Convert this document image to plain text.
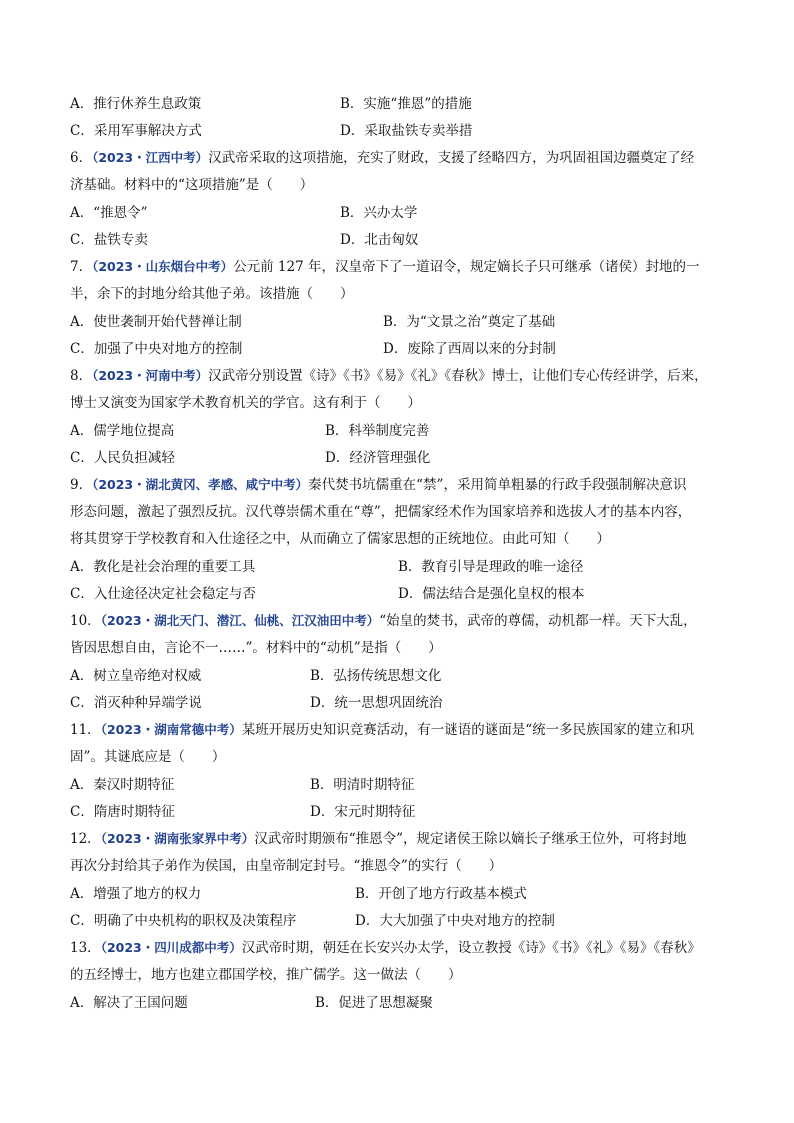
A．推行休养生息政策	B．实施“推恩”的措施
C．采用军事解决方式	D．采取盐铁专卖举措
6．（2023・江西中考）汉武帝采取的这项措施，充实了财政，支援了经略四方，为巩固祖国边疆奠定了经
济基础。材料中的“这项措施”是（　　）
A．“推恩令”	B．兴办太学
C．盐铁专卖	D．北击匈奴
7．（2023・山东烟台中考）公元前 127 年，汉皇帝下了一道诏令，规定嫡长子只可继承（诸侯）封地的一
半，余下的封地分给其他子弟。该措施（　　）
A．使世袭制开始代替禅让制	B．为“文景之治”奠定了基础
C．加强了中央对地方的控制	D．废除了西周以来的分封制
8．（2023・河南中考）汉武帝分别设置《诗》《书》《易》《礼》《春秋》博士，让他们专心传经讲学，后来，
博士又演变为国家学术教育机关的学官。这有利于（　　）
A．儒学地位提高	B．科举制度完善
C．人民负担减轻	D．经济管理强化
9．（2023・湖北黄冈、孝感、咸宁中考）秦代焚书坑儒重在“禁”，采用简单粗暴的行政手段强制解决意识
形态问题，激起了强烈反抗。汉代尊崇儒术重在“尊”，把儒家经术作为国家培养和选拔人才的基本内容，
将其贯穿于学校教育和入仕途径之中，从而确立了儒家思想的正统地位。由此可知（　　）
A．教化是社会治理的重要工具	B．教育引导是理政的唯一途径
C．入仕途径决定社会稳定与否	D．儒法结合是强化皇权的根本
10．（2023・湖北天门、潜江、仙桃、江汉油田中考）“始皇的焚书，武帝的尊儒，动机都一样。天下大乱，
皆因思想自由，言论不一……”。材料中的“动机”是指（　　）
A．树立皇帝绝对权威	B．弘扬传统思想文化
C．消灭种种异端学说	D．统一思想巩固统治
11．（2023・湖南常德中考）某班开展历史知识竞赛活动，有一谜语的谜面是“统一多民族国家的建立和巩
固”。其谜底应是（　　）
A．秦汉时期特征	B．明清时期特征
C．隋唐时期特征	D．宋元时期特征
12．（2023・湖南张家界中考）汉武帝时期颁布“推恩令”，规定诸侯王除以嫡长子继承王位外，可将封地
再次分封给其子弟作为侯国，由皇帝制定封号。“推恩令”的实行（　　）
A．增强了地方的权力	B．开创了地方行政基本模式
C．明确了中央机构的职权及决策程序	D．大大加强了中央对地方的控制
13．（2023・四川成都中考）汉武帝时期，朝廷在长安兴办太学，设立教授《诗》《书》《礼》《易》《春秋》
的五经博士，地方也建立郡国学校，推广儒学。这一做法（　　）
A．解决了王国问题	B．促进了思想凝聚
